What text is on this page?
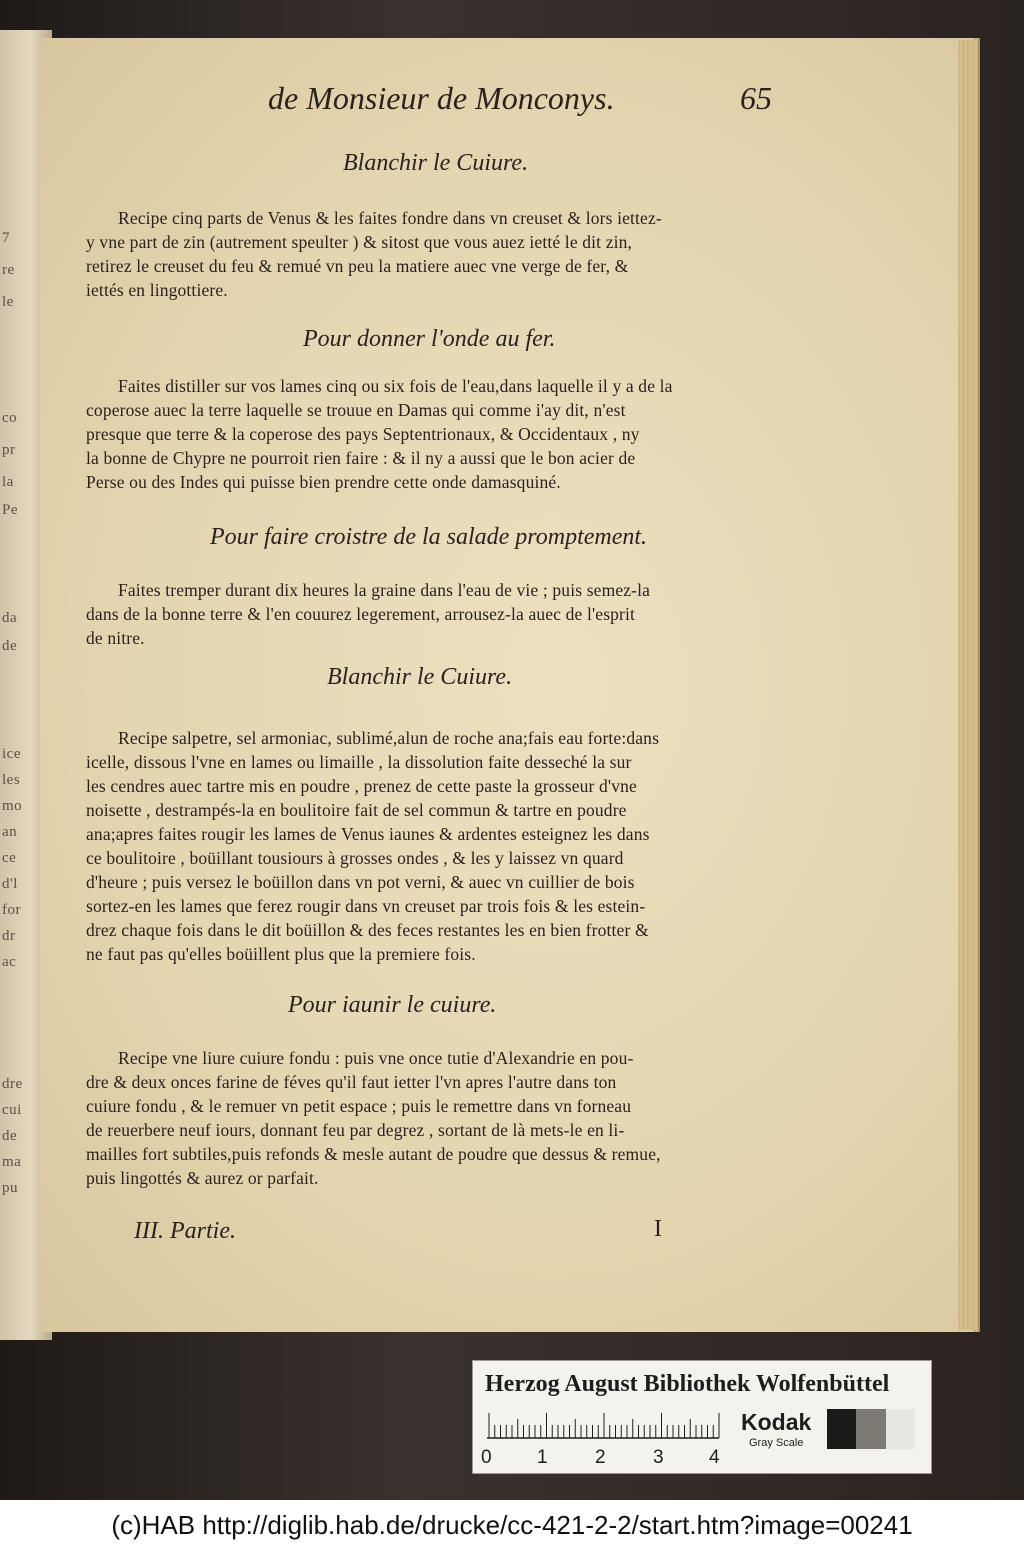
7
re
le
co
pr
la
Pe
da
de
ice
les
mo
an
ce
d'l
for
dr
ac
dre
cui
de
ma
pu
de Monsieur de Monconys.	65
Blanchir le Cuiure.
Recipe cinq parts de Venus & les faites fondre dans vn creuset & lors iettez-
y vne part de zin (autrement speulter ) & sitost que vous auez ietté le dit zin,
retirez le creuset du feu & remué vn peu la matiere auec vne verge de fer, &
iettés en lingottiere.
Pour donner l'onde au fer.
Faites distiller sur vos lames cinq ou six fois de l'eau,dans laquelle il y a de la
coperose auec la terre laquelle se trouue en Damas qui comme i'ay dit, n'est
presque que terre & la coperose des pays Septentrionaux, & Occidentaux , ny
la bonne de Chypre ne pourroit rien faire : & il ny a aussi que le bon acier de
Perse ou des Indes qui puisse bien prendre cette onde damasquiné.
Pour faire croistre de la salade promptement.
Faites tremper durant dix heures la graine dans l'eau de vie ; puis semez-la
dans de la bonne terre & l'en couurez legerement, arrousez-la auec de l'esprit
de nitre.
Blanchir le Cuiure.
Recipe salpetre, sel armoniac, sublimé,alun de roche ana;fais eau forte:dans
icelle, dissous l'vne en lames ou limaille , la dissolution faite desseché la sur
les cendres auec tartre mis en poudre , prenez de cette paste la grosseur d'vne
noisette , destrampés-la en boulitoire fait de sel commun & tartre en poudre
ana;apres faites rougir les lames de Venus iaunes & ardentes esteignez les dans
ce boulitoire , boüillant tousiours à grosses ondes , & les y laissez vn quard
d'heure ; puis versez le boüillon dans vn pot verni, & auec vn cuillier de bois
sortez-en les lames que ferez rougir dans vn creuset par trois fois & les estein-
drez chaque fois dans le dit boüillon & des feces restantes les en bien frotter &
ne faut pas qu'elles boüillent plus que la premiere fois.
Pour iaunir le cuiure.
Recipe vne liure cuiure fondu : puis vne once tutie d'Alexandrie en pou-
dre & deux onces farine de féves qu'il faut ietter l'vn apres l'autre dans ton
cuiure fondu , & le remuer vn petit espace ; puis le remettre dans vn forneau
de reuerbere neuf iours, donnant feu par degrez , sortant de là mets-le en li-
mailles fort subtiles,puis refonds & mesle autant de poudre que dessus & remue,
puis lingottés & aurez or parfait.
III. Partie.	I
Herzog August Bibliothek Wolfenbüttel
0 1 2 3 4
Kodak
Gray Scale
(c)HAB http://diglib.hab.de/drucke/cc-421-2-2/start.htm?image=00241
